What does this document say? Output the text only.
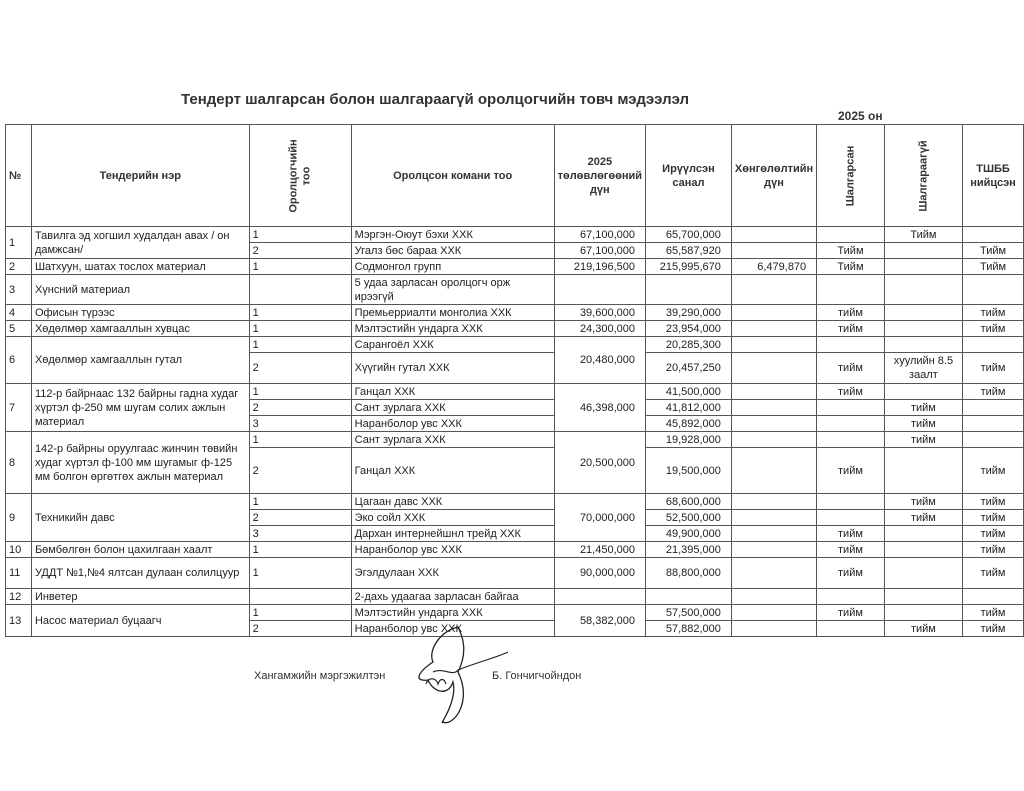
Тендерт шалгарсан болон шалгараагүй оролцогчийн товч мэдээлэл
2025 он
№	Тендерийн нэр	Оролцогчийн тоо	Оролцсон комани тоо	2025 төлөвлөгөөний дүн	Ирүүлсэн санал	Хөнгөлөлтийн дүн	Шалгарсан	Шалгараагүй	ТШББ нийцсэн
1	Тавилга эд хогшил худалдан авах / он дамжсан/	1	Мэргэн-Оюут бэхи ХХК	67,100,000	65,700,000			Тийм	
		2	Угалз бөс бараа ХХК	67,100,000	65,587,920		Тийм		Тийм
2	Шатхуун, шатах тослох материал	1	Содмонгол групп	219,196,500	215,995,670	6,479,870	Тийм		Тийм
3	Хүнсний материал		5 удаа зарласан оролцогч орж ирээгүй						
4	Офисын түрээс	1	Премьерриалти монголиа ХХК	39,600,000	39,290,000		тийм		тийм
5	Хөдөлмөр хамгааллын хувцас	1	Мэлтэстийн ундарга ХХК	24,300,000	23,954,000		тийм		тийм
6	Хөдөлмөр хамгааллын гутал	1	Сарангоёл ХХК	20,480,000	20,285,300				
		2	Хүүгийн гутал ХХК		20,457,250		тийм	хуулийн 8.5 заалт	тийм
7	112-р байрнаас 132 байрны гадна худаг хүртэл ф-250 мм шугам солих ажлын материал	1	Ганцал ХХК	46,398,000	41,500,000		тийм		тийм
		2	Сант зурлага ХХК		41,812,000			тийм	
		3	Наранболор увс ХХК		45,892,000			тийм	
8	142-р байрны оруулгаас жинчин төвийн худаг хүртэл ф-100 мм шугамыг ф-125 мм болгон өргөтгөх ажлын материал	1	Сант зурлага ХХК	20,500,000	19,928,000			тийм	
		2	Ганцал ХХК		19,500,000		тийм		тийм
9	Техникийн давс	1	Цагаан давс ХХК	70,000,000	68,600,000			тийм	тийм
		2	Эко сойл ХХК		52,500,000			тийм	тийм
		3	Дархан интернейшнл трейд ХХК		49,900,000		тийм		тийм
10	Бөмбөлгөн болон цахилгаан хаалт	1	Наранболор увс ХХК	21,450,000	21,395,000		тийм		тийм
11	УДДТ №1,№4 ялтсан дулаан солилцуур	1	Эгэлдулаан ХХК	90,000,000	88,800,000		тийм		тийм
12	Инветер		2-дахь удаагаа зарласан байгаа						
13	Насос материал буцаагч	1	Мэлтэстийн ундарга ХХК	58,382,000	57,500,000		тийм		тийм
		2	Наранболор увс ХХК		57,882,000			тийм	тийм
Хангамжийн мэргэжилтэн	Б. Гончигчойндон
